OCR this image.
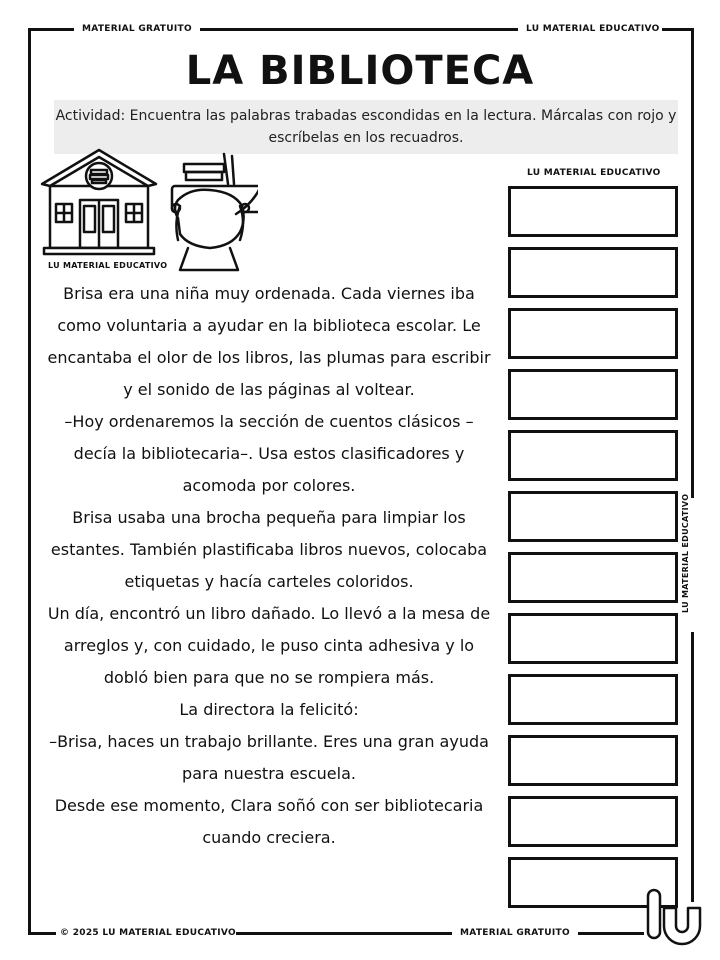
MATERIAL GRATUITO	LU MATERIAL EDUCATIVO
LA BIBLIOTECA
Actividad: Encuentra las palabras trabadas escondidas en la lectura. Márcalas con rojo y escríbelas en los recuadros.
LU MATERIAL EDUCATIVO

Brisa era una niña muy ordenada. Cada viernes iba como voluntaria a ayudar en la biblioteca escolar. Le encantaba el olor de los libros, las plumas para escribir y el sonido de las páginas al voltear.

–Hoy ordenaremos la sección de cuentos clásicos –decía la bibliotecaria–. Usa estos clasificadores y acomoda por colores.

Brisa usaba una brocha pequeña para limpiar los estantes. También plastificaba libros nuevos, colocaba etiquetas y hacía carteles coloridos.

Un día, encontró un libro dañado. Lo llevó a la mesa de arreglos y, con cuidado, le puso cinta adhesiva y lo dobló bien para que no se rompiera más.

La directora la felicitó:

–Brisa, haces un trabajo brillante. Eres una gran ayuda para nuestra escuela.

Desde ese momento, Clara soñó con ser bibliotecaria cuando creciera.

LU MATERIAL EDUCATIVO
LU MATERIAL EDUCATIVO
© 2025 LU MATERIAL EDUCATIVO	MATERIAL GRATUITO
